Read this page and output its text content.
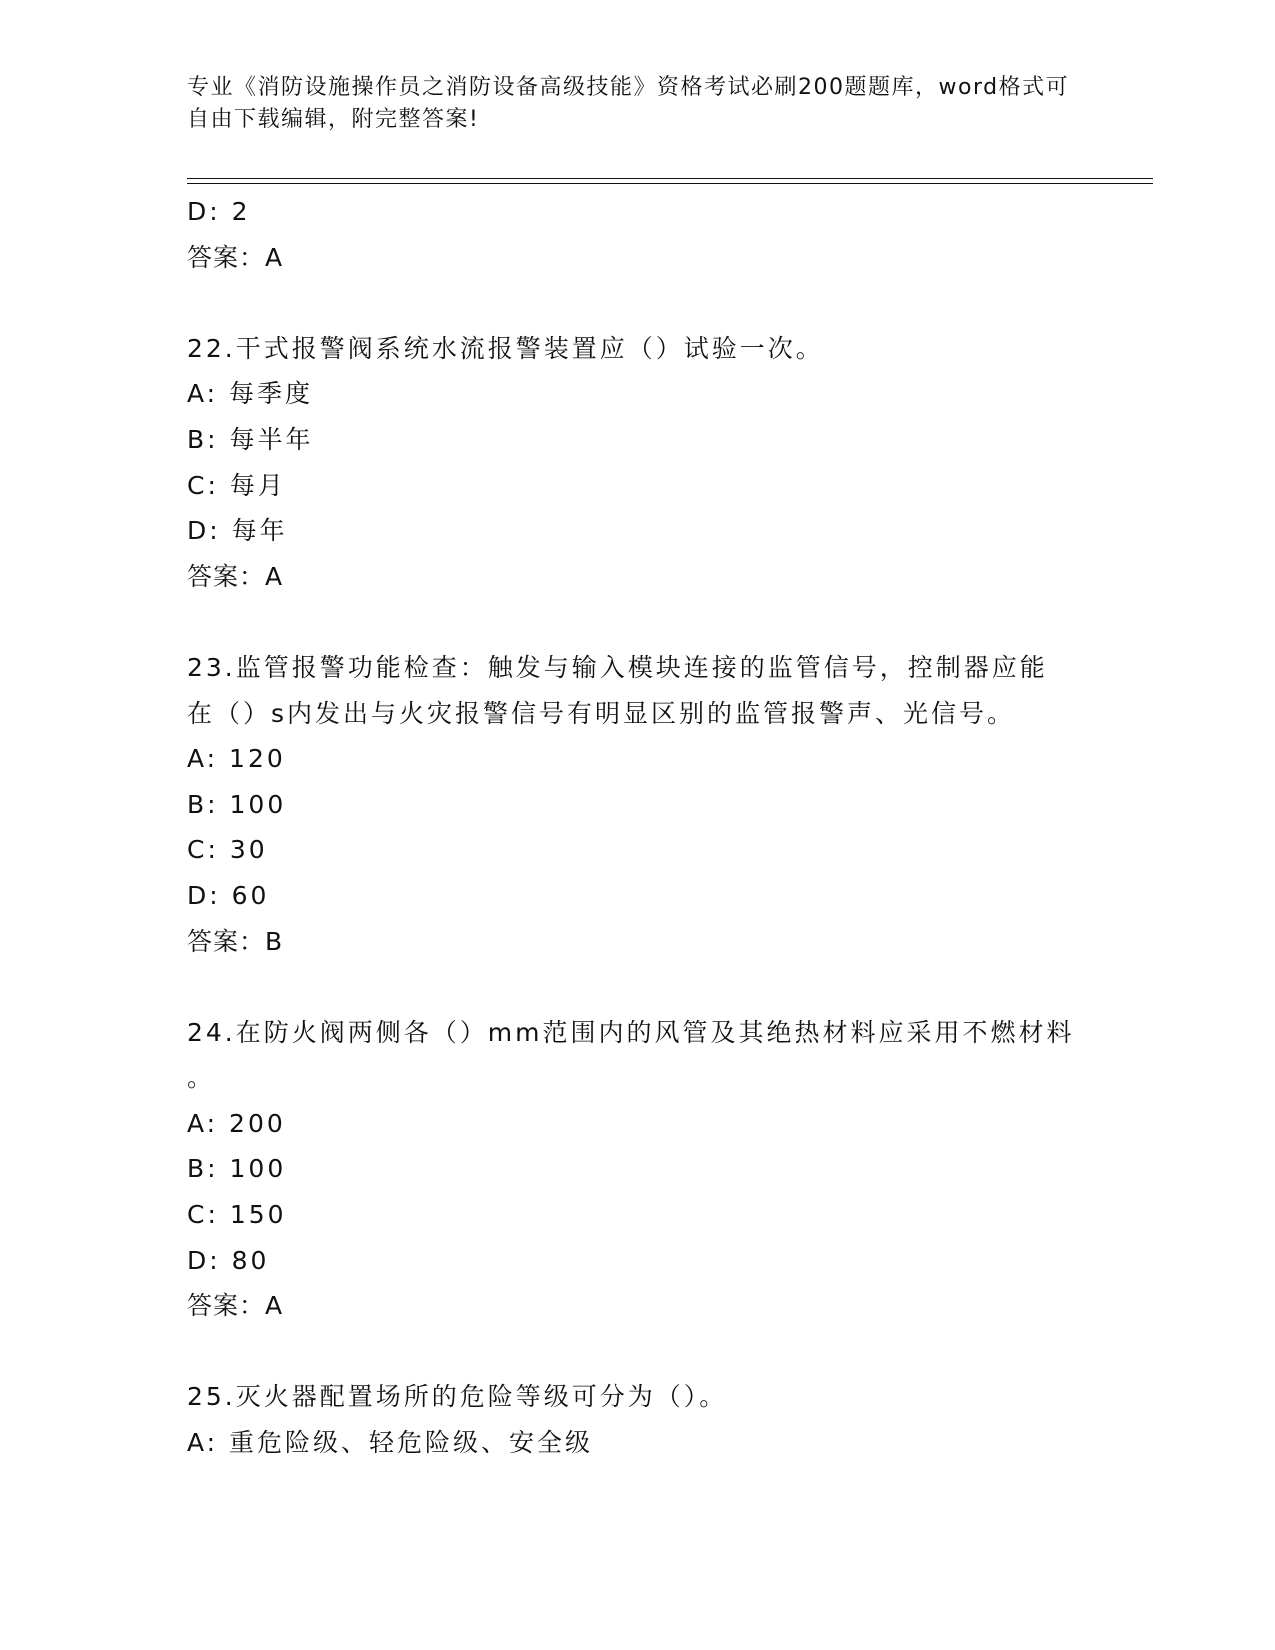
专业《消防设施操作员之消防设备高级技能》资格考试必刷200题题库，word格式可自由下载编辑，附完整答案!
D: 2
答案：A
22.干式报警阀系统水流报警装置应（）试验一次。
A: 每季度
B: 每半年
C: 每月
D: 每年
答案：A
23.监管报警功能检查：触发与输入模块连接的监管信号，控制器应能
在（）s内发出与火灾报警信号有明显区别的监管报警声、光信号。
A: 120
B: 100
C: 30
D: 60
答案：B
24.在防火阀两侧各（）mm范围内的风管及其绝热材料应采用不燃材料
。
A: 200
B: 100
C: 150
D: 80
答案：A
25.灭火器配置场所的危险等级可分为（）。
A: 重危险级、轻危险级、安全级
